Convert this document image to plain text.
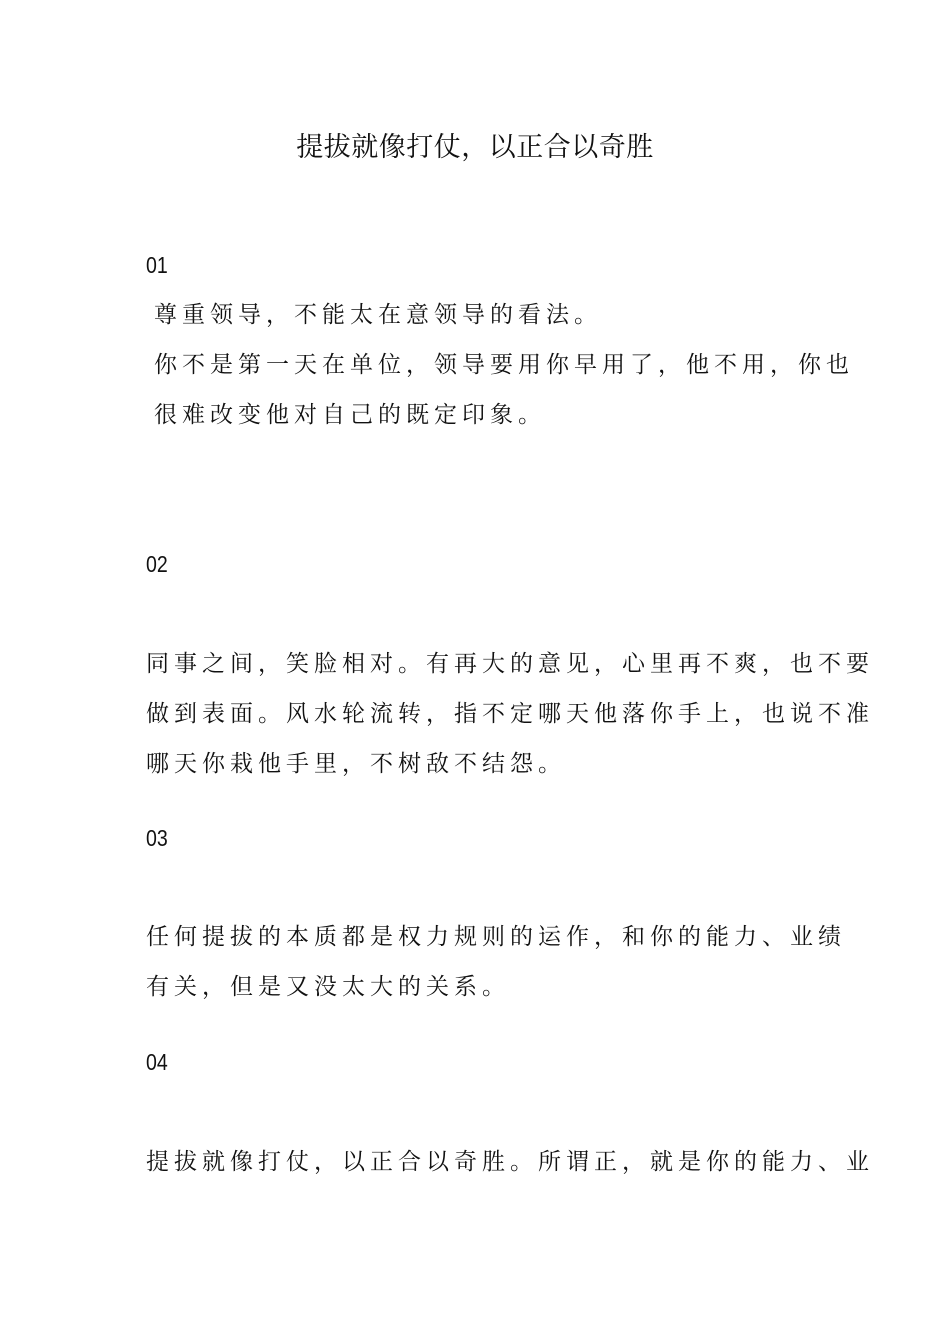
提拔就像打仗，以正合以奇胜
01

尊重领导，不能太在意领导的看法。
你不是第一天在单位，领导要用你早用了，他不用，你也
很难改变他对自己的既定印象。

02

同事之间，笑脸相对。有再大的意见，心里再不爽，也不要
做到表面。风水轮流转，指不定哪天他落你手上，也说不准
哪天你栽他手里，不树敌不结怨。

03

任何提拔的本质都是权力规则的运作，和你的能力、业绩
有关，但是又没太大的关系。

04

提拔就像打仗，以正合以奇胜。所谓正，就是你的能力、业
